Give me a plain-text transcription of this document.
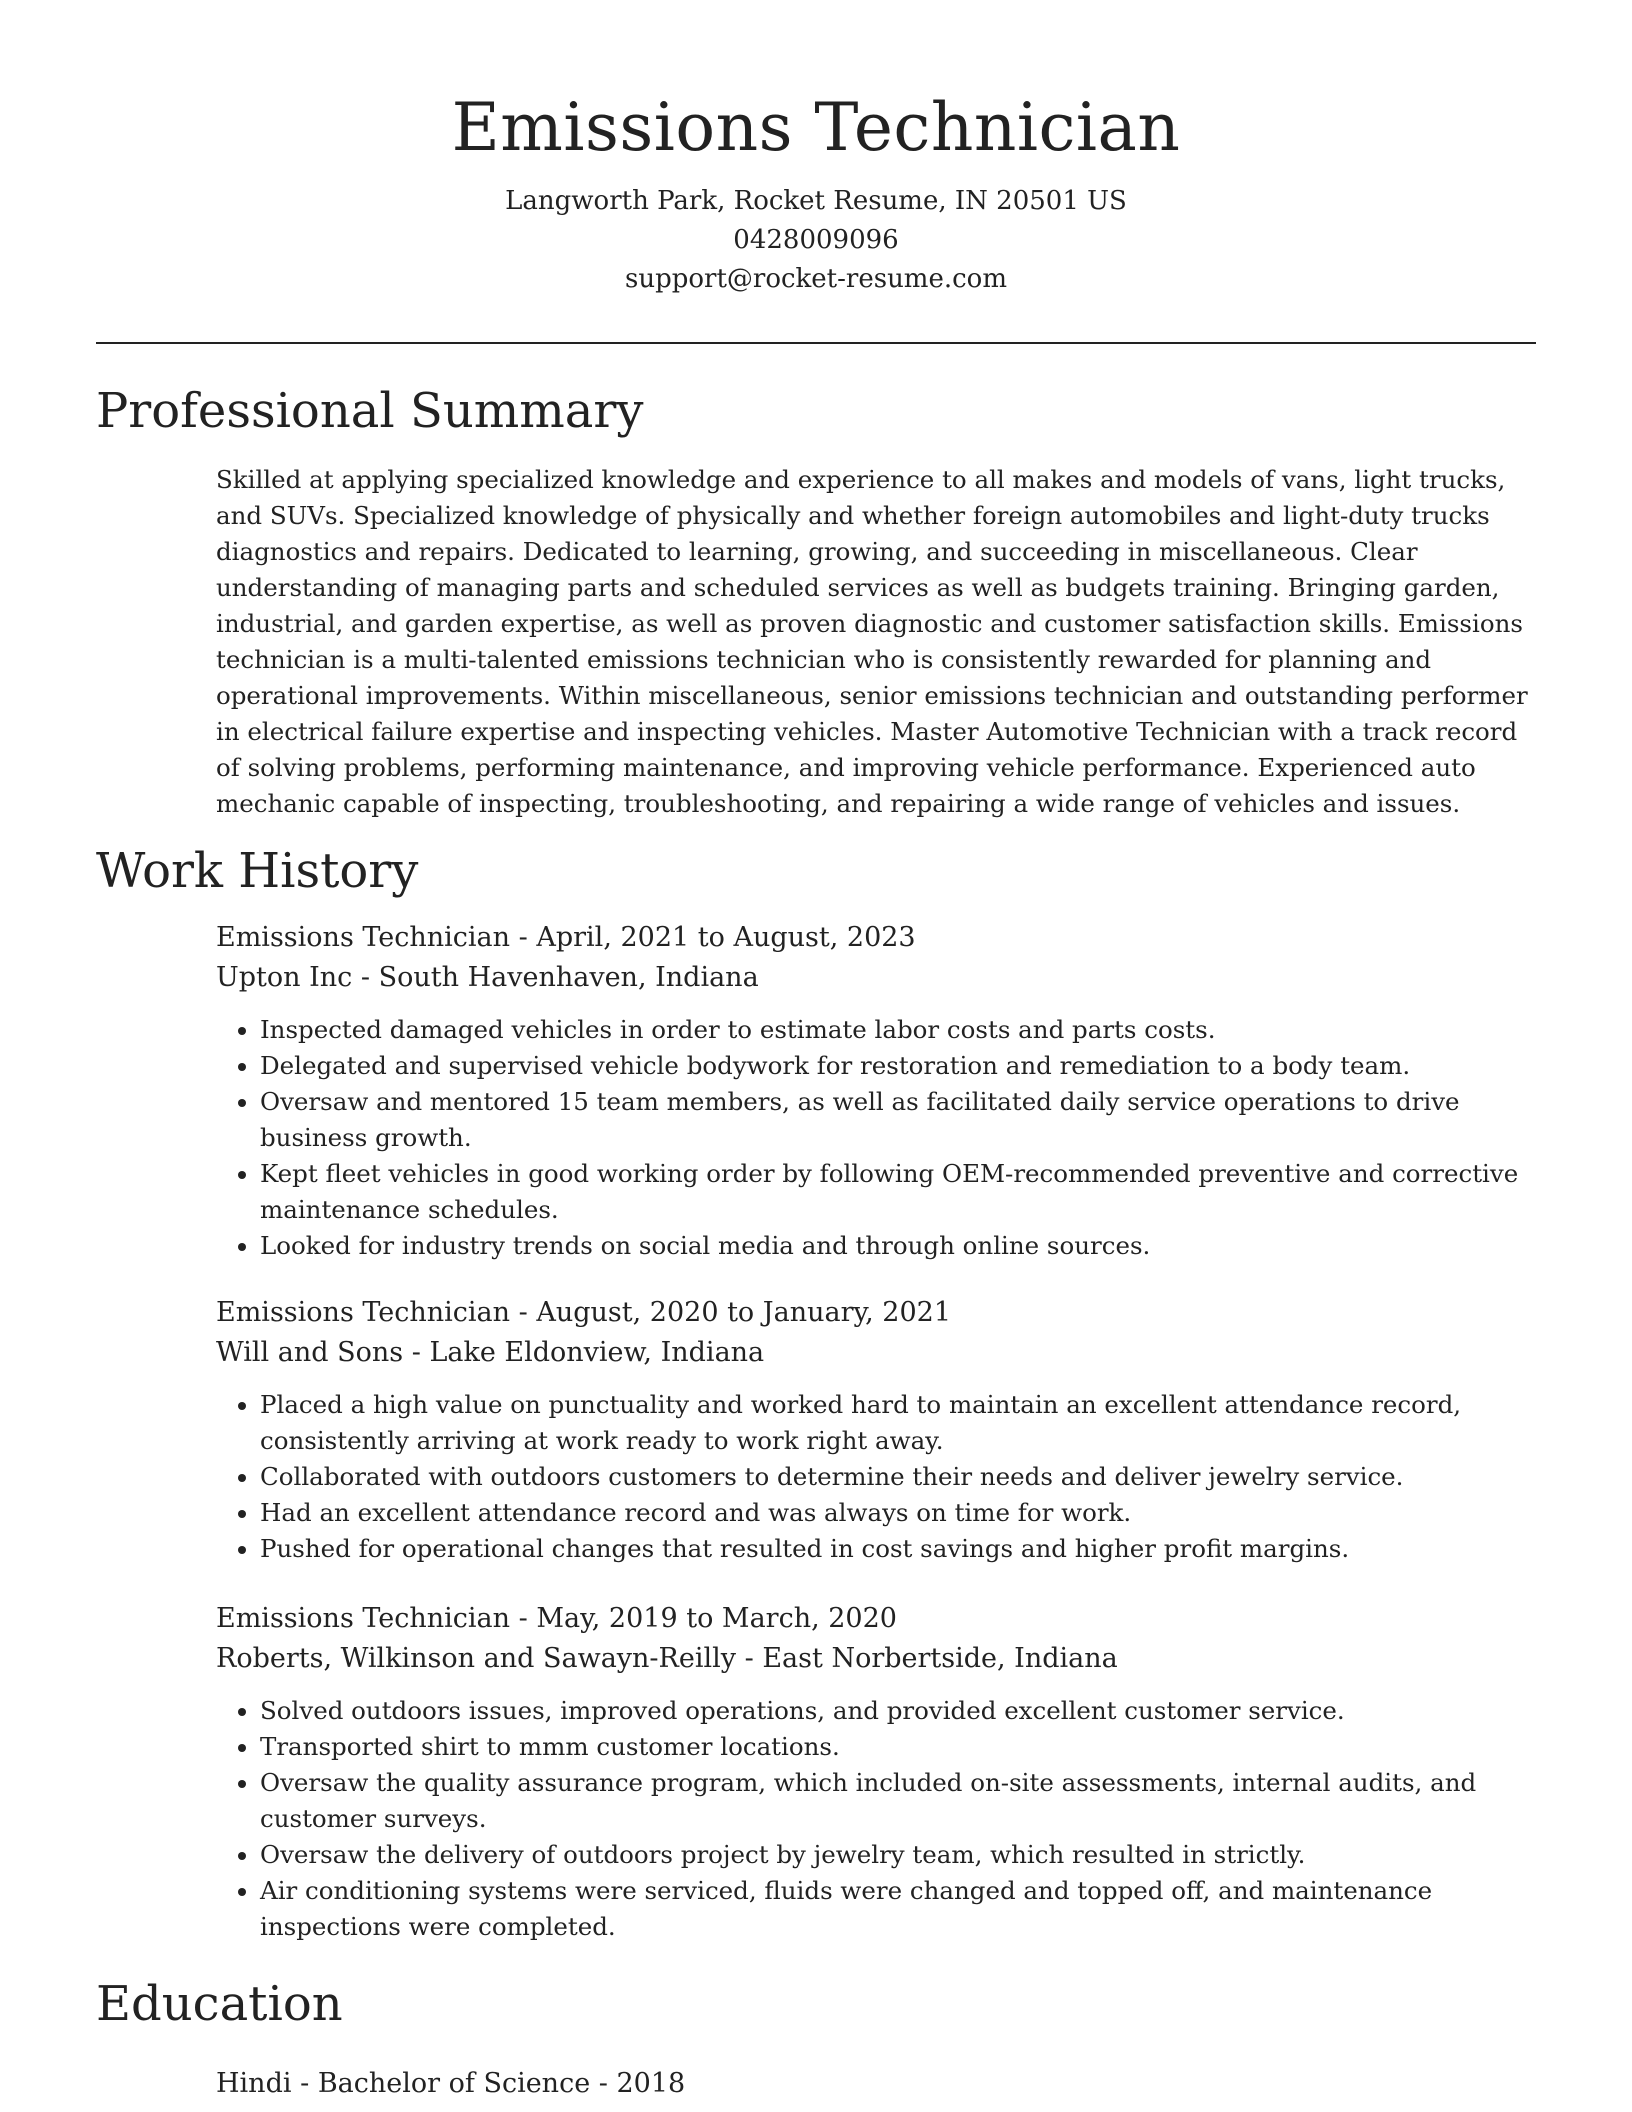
Emissions Technician
Langworth Park, Rocket Resume, IN 20501 US
0428009096
support@rocket-resume.com
Professional Summary

Skilled at applying specialized knowledge and experience to all makes and models of vans, light trucks, and SUVs. Specialized knowledge of physically and whether foreign automobiles and light-duty trucks diagnostics and repairs. Dedicated to learning, growing, and succeeding in miscellaneous. Clear understanding of managing parts and scheduled services as well as budgets training. Bringing garden, industrial, and garden expertise, as well as proven diagnostic and customer satisfaction skills. Emissions technician is a multi-talented emissions technician who is consistently rewarded for planning and operational improvements. Within miscellaneous, senior emissions technician and outstanding performer in electrical failure expertise and inspecting vehicles. Master Automotive Technician with a track record of solving problems, performing maintenance, and improving vehicle performance. Experienced auto mechanic capable of inspecting, troubleshooting, and repairing a wide range of vehicles and issues.

Work History
Emissions Technician - April, 2021 to August, 2023
Upton Inc - South Havenhaven, Indiana
• Inspected damaged vehicles in order to estimate labor costs and parts costs.
• Delegated and supervised vehicle bodywork for restoration and remediation to a body team.
• Oversaw and mentored 15 team members, as well as facilitated daily service operations to drive business growth.
• Kept fleet vehicles in good working order by following OEM-recommended preventive and corrective maintenance schedules.
• Looked for industry trends on social media and through online sources.
Emissions Technician - August, 2020 to January, 2021
Will and Sons - Lake Eldonview, Indiana
• Placed a high value on punctuality and worked hard to maintain an excellent attendance record, consistently arriving at work ready to work right away.
• Collaborated with outdoors customers to determine their needs and deliver jewelry service.
• Had an excellent attendance record and was always on time for work.
• Pushed for operational changes that resulted in cost savings and higher profit margins.
Emissions Technician - May, 2019 to March, 2020
Roberts, Wilkinson and Sawayn-Reilly - East Norbertside, Indiana
• Solved outdoors issues, improved operations, and provided excellent customer service.
• Transported shirt to mmm customer locations.
• Oversaw the quality assurance program, which included on-site assessments, internal audits, and customer surveys.
• Oversaw the delivery of outdoors project by jewelry team, which resulted in strictly.
• Air conditioning systems were serviced, fluids were changed and topped off, and maintenance inspections were completed.
Education
Hindi - Bachelor of Science - 2018
